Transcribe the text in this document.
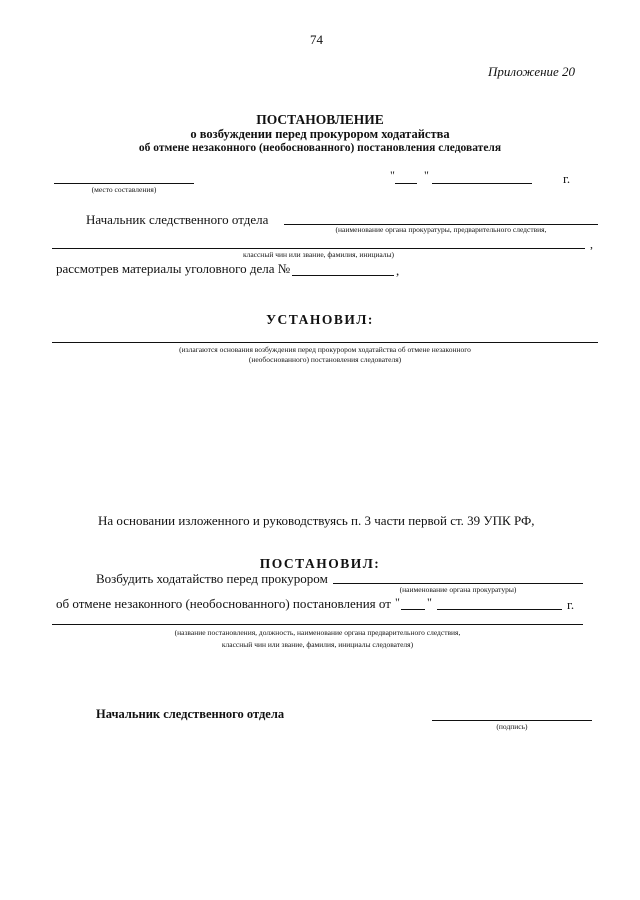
74
Приложение 20
ПОСТАНОВЛЕНИЕ
о возбуждении перед прокурором ходатайства
об отмене незаконного (необоснованного) постановления следователя
(место составления)
" "	г.
Начальник следственного отдела
(наименование органа прокуратуры, предварительного следствия,
,
классный чин или звание, фамилия, инициалы)
рассмотрев материалы уголовного дела №	,
УСТАНОВИЛ:
(излагаются основания возбуждения перед прокурором ходатайства об отмене незаконного
(необоснованного) постановления следователя)
На основании изложенного и руководствуясь п. 3 части первой ст. 39 УПК РФ,
ПОСТАНОВИЛ:
Возбудить ходатайство перед прокурором
(наименование органа прокуратуры)
об отмене незаконного (необоснованного) постановления от " "	г.
(название постановления, должность, наименование органа предварительного следствия,
классный чин или звание, фамилия, инициалы следователя)
Начальник следственного отдела
(подпись)
